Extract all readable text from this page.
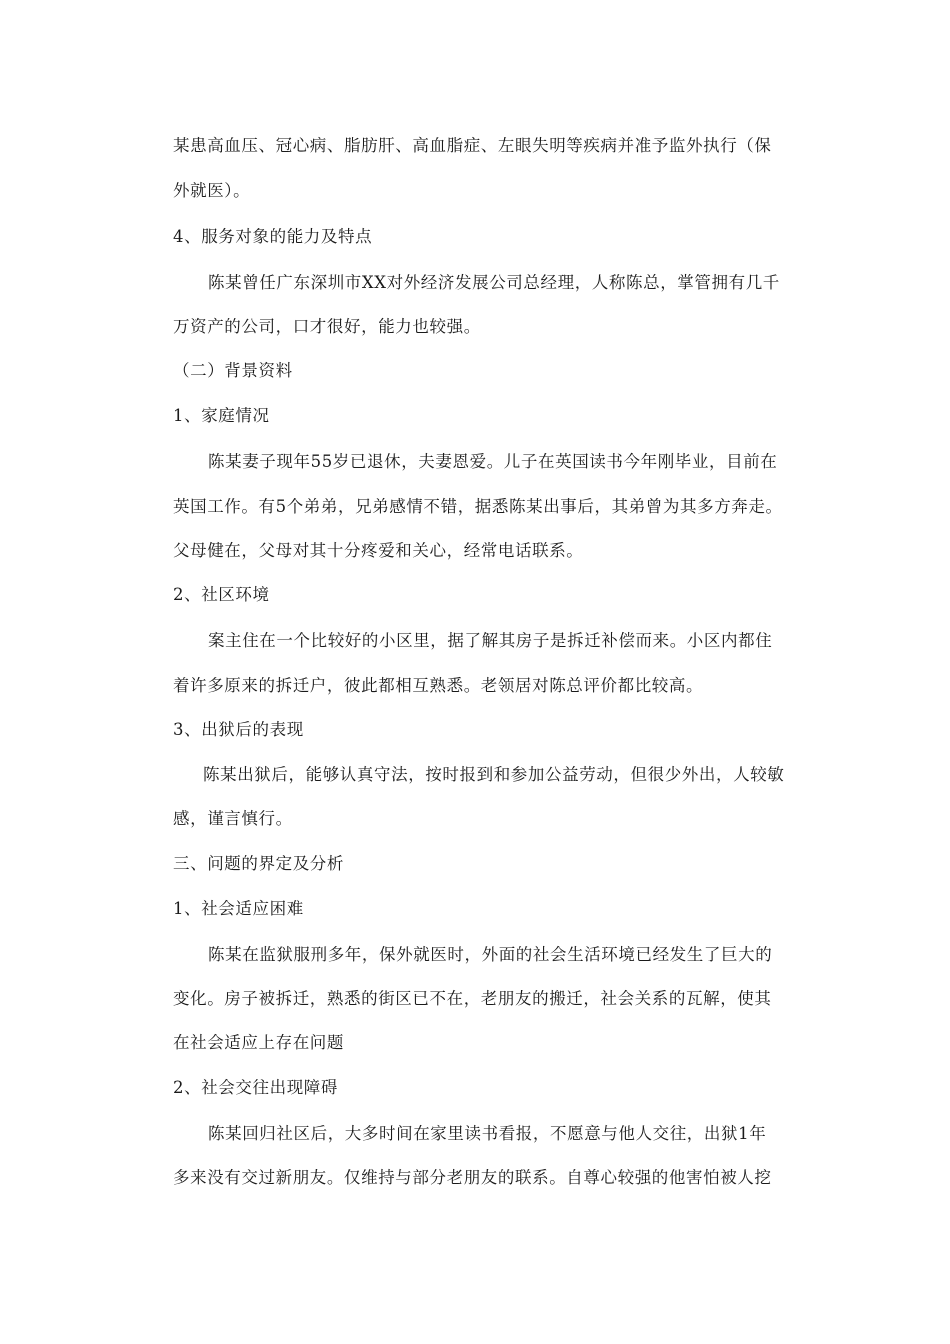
某患高血压、冠心病、脂肪肝、高血脂症、左眼失明等疾病并准予监外执行（保
外就医）。
4、服务对象的能力及特点
陈某曾任广东深圳市XX对外经济发展公司总经理，人称陈总，掌管拥有几千
万资产的公司，口才很好，能力也较强。
（二）背景资料
1、家庭情况
陈某妻子现年55岁已退休，夫妻恩爱。儿子在英国读书今年刚毕业，目前在
英国工作。有5个弟弟，兄弟感情不错，据悉陈某出事后，其弟曾为其多方奔走。
父母健在，父母对其十分疼爱和关心，经常电话联系。
2、社区环境
案主住在一个比较好的小区里，据了解其房子是拆迁补偿而来。小区内都住
着许多原来的拆迁户，彼此都相互熟悉。老领居对陈总评价都比较高。
3、出狱后的表现
陈某出狱后，能够认真守法，按时报到和参加公益劳动，但很少外出，人较敏
感，谨言慎行。
三、问题的界定及分析
1、社会适应困难
陈某在监狱服刑多年，保外就医时，外面的社会生活环境已经发生了巨大的
变化。房子被拆迁，熟悉的街区已不在，老朋友的搬迁，社会关系的瓦解，使其
在社会适应上存在问题
2、社会交往出现障碍
陈某回归社区后，大多时间在家里读书看报，不愿意与他人交往，出狱1年
多来没有交过新朋友。仅维持与部分老朋友的联系。自尊心较强的他害怕被人挖
